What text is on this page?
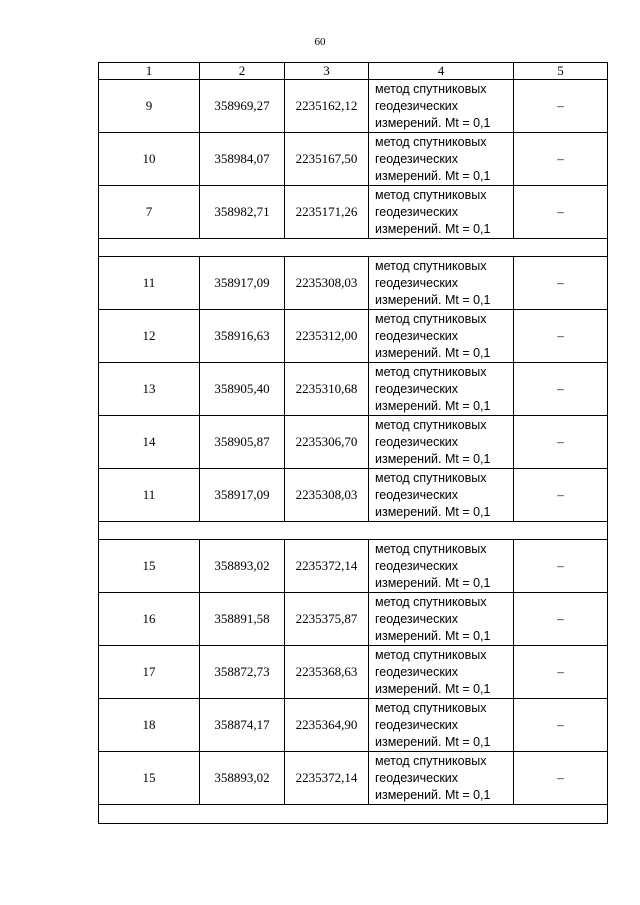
60
1	2	3	4	5
9	358969,27	2235162,12	метод спутниковых
геодезических
измерений. Mt = 0,1	–
10	358984,07	2235167,50	метод спутниковых
геодезических
измерений. Mt = 0,1	–
7	358982,71	2235171,26	метод спутниковых
геодезических
измерений. Mt = 0,1	–

11	358917,09	2235308,03	метод спутниковых
геодезических
измерений. Mt = 0,1	–
12	358916,63	2235312,00	метод спутниковых
геодезических
измерений. Mt = 0,1	–
13	358905,40	2235310,68	метод спутниковых
геодезических
измерений. Mt = 0,1	–
14	358905,87	2235306,70	метод спутниковых
геодезических
измерений. Mt = 0,1	–
11	358917,09	2235308,03	метод спутниковых
геодезических
измерений. Mt = 0,1	–

15	358893,02	2235372,14	метод спутниковых
геодезических
измерений. Mt = 0,1	–
16	358891,58	2235375,87	метод спутниковых
геодезических
измерений. Mt = 0,1	–
17	358872,73	2235368,63	метод спутниковых
геодезических
измерений. Mt = 0,1	–
18	358874,17	2235364,90	метод спутниковых
геодезических
измерений. Mt = 0,1	–
15	358893,02	2235372,14	метод спутниковых
геодезических
измерений. Mt = 0,1	–
